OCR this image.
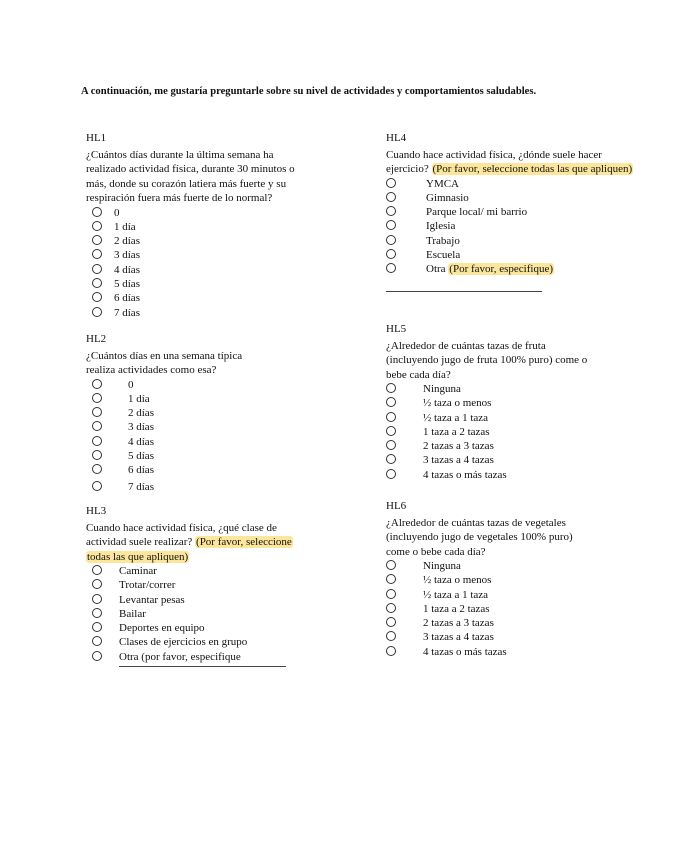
A continuación, me gustaría preguntarle sobre su nivel de actividades y comportamientos saludables.
HL1
¿Cuántos días durante la última semana ha
realizado actividad física, durante 30 minutos o
más, donde su corazón latiera más fuerte y su
respiración fuera más fuerte de lo normal?
0
1 día
2 días
3 días
4 días
5 días
6 días
7 días
HL2
¿Cuántos días en una semana típica
realiza actividades como esa?
0
1 día
2 días
3 días
4 días
5 días
6 días
7 días
HL3
Cuando hace actividad física, ¿qué clase de
actividad suele realizar? (Por favor, seleccione
todas las que apliquen)
Caminar
Trotar/correr
Levantar pesas
Bailar
Deportes en equipo
Clases de ejercicios en grupo
Otra (por favor, especifique
HL4
Cuando hace actividad física, ¿dónde suele hacer
ejercicio? (Por favor, seleccione todas las que apliquen)
YMCA
Gimnasio
Parque local/ mi barrio
Iglesia
Trabajo
Escuela
Otra (Por favor, especifique)
HL5
¿Alrededor de cuántas tazas de fruta
(incluyendo jugo de fruta 100% puro) come o
bebe cada día?
Ninguna
½ taza o menos
½ taza a 1 taza
1 taza a 2 tazas
2 tazas a 3 tazas
3 tazas a 4 tazas
4 tazas o más tazas
HL6
¿Alrededor de cuántas tazas de vegetales
(incluyendo jugo de vegetales 100% puro)
come o bebe cada día?
Ninguna
½ taza o menos
½ taza a 1 taza
1 taza a 2 tazas
2 tazas a 3 tazas
3 tazas a 4 tazas
4 tazas o más tazas
